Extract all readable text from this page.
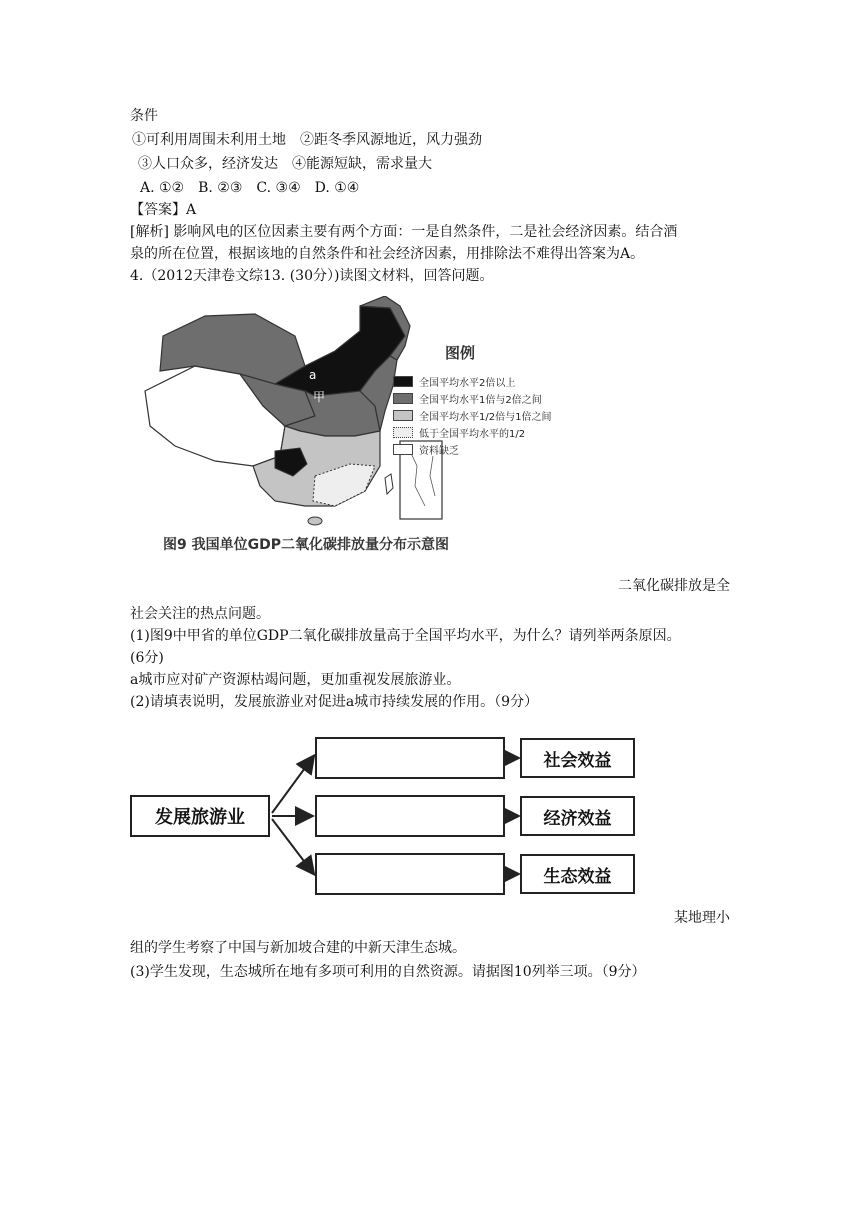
条件
①可利用周围未利用土地　②距冬季风源地近，风力强劲
③人口众多，经济发达　④能源短缺，需求量大
A. ①②　B. ②③　C. ③④　D. ①④
【答案】A
[解析] 影响风电的区位因素主要有两个方面：一是自然条件，二是社会经济因素。结合酒
泉的所在位置，根据该地的自然条件和社会经济因素，用排除法不难得出答案为A。
4.（2012天津卷文综13. (30分）)读图文材料，回答问题。
a
甲
图例
全国平均水平2倍以上
全国平均水平1倍与2倍之间
全国平均水平1/2倍与1倍之间
低于全国平均水平的1/2
资料缺乏
图9 我国单位GDP二氧化碳排放量分布示意图
二氧化碳排放是全
社会关注的热点问题。
(1)图9中甲省的单位GDP二氧化碳排放量高于全国平均水平，为什么？请列举两条原因。
(6分)
a城市应对矿产资源枯竭问题，更加重视发展旅游业。
(2)请填表说明，发展旅游业对促进a城市持续发展的作用。（9分）
发展旅游业
社会效益
经济效益
生态效益
某地理小
组的学生考察了中国与新加坡合建的中新天津生态城。
(3)学生发现，生态城所在地有多项可利用的自然资源。请据图10列举三项。（9分）
